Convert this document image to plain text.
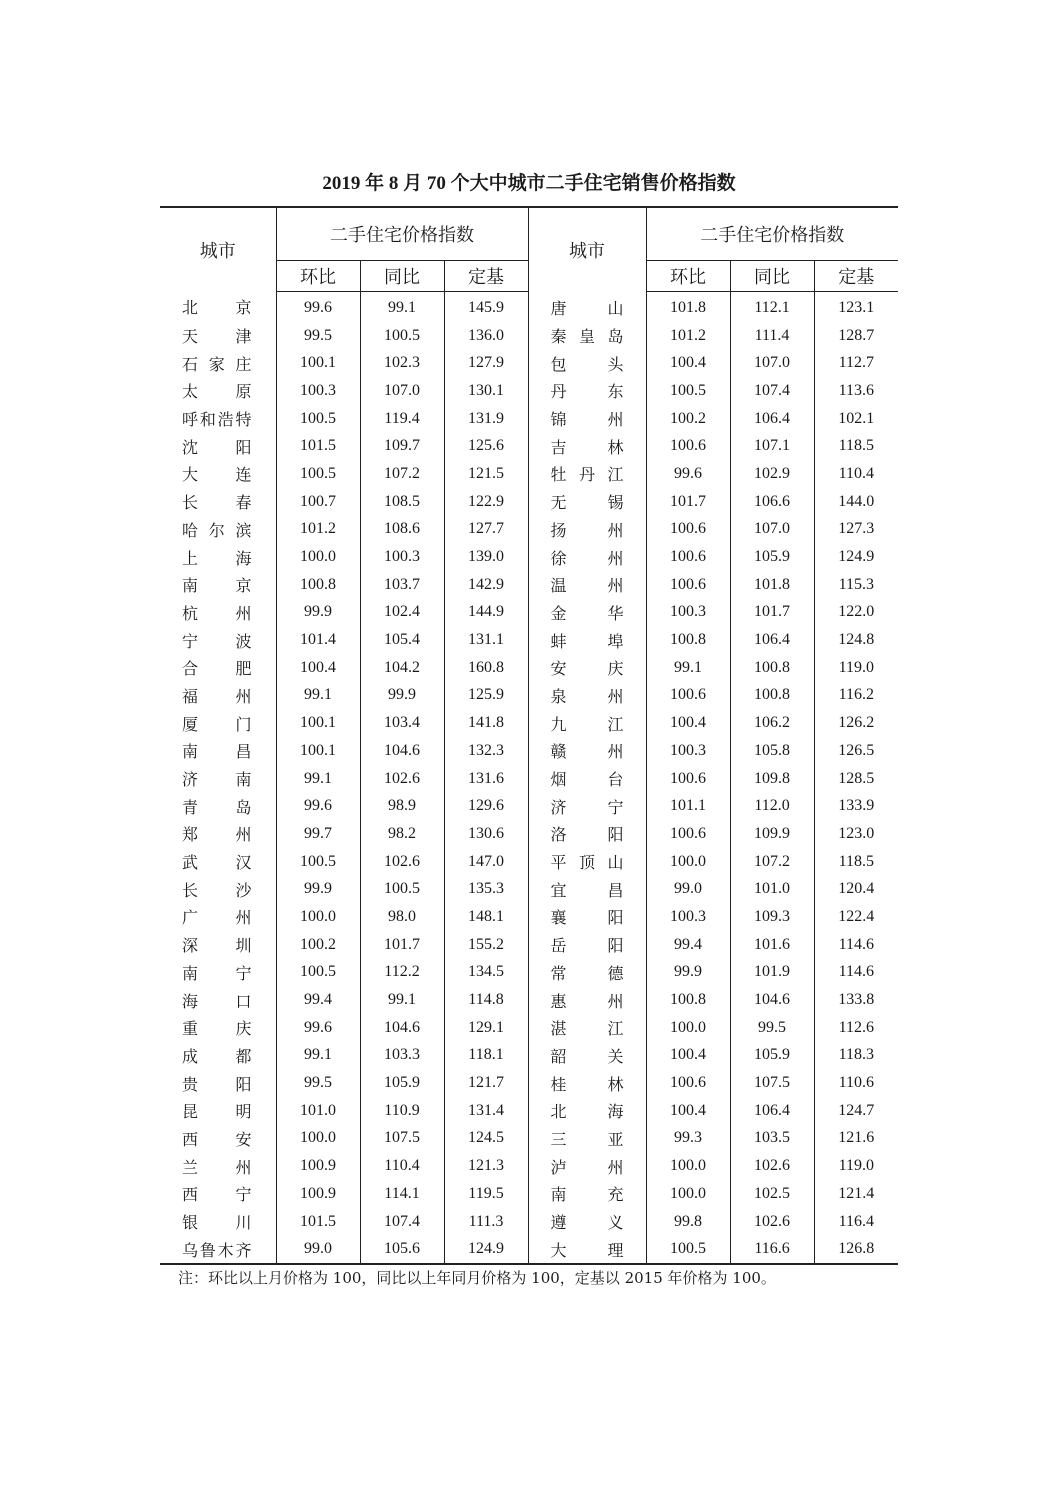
2019 年 8 月 70 个大中城市二手住宅销售价格指数
城市	二手住宅价格指数			城市	二手住宅价格指数		
	环比	同比	定基		环比	同比	定基
北京	99.6	99.1	145.9	唐山	101.8	112.1	123.1
天津	99.5	100.5	136.0	秦皇岛	101.2	111.4	128.7
石家庄	100.1	102.3	127.9	包头	100.4	107.0	112.7
太原	100.3	107.0	130.1	丹东	100.5	107.4	113.6
呼和浩特	100.5	119.4	131.9	锦州	100.2	106.4	102.1
沈阳	101.5	109.7	125.6	吉林	100.6	107.1	118.5
大连	100.5	107.2	121.5	牡丹江	99.6	102.9	110.4
长春	100.7	108.5	122.9	无锡	101.7	106.6	144.0
哈尔滨	101.2	108.6	127.7	扬州	100.6	107.0	127.3
上海	100.0	100.3	139.0	徐州	100.6	105.9	124.9
南京	100.8	103.7	142.9	温州	100.6	101.8	115.3
杭州	99.9	102.4	144.9	金华	100.3	101.7	122.0
宁波	101.4	105.4	131.1	蚌埠	100.8	106.4	124.8
合肥	100.4	104.2	160.8	安庆	99.1	100.8	119.0
福州	99.1	99.9	125.9	泉州	100.6	100.8	116.2
厦门	100.1	103.4	141.8	九江	100.4	106.2	126.2
南昌	100.1	104.6	132.3	赣州	100.3	105.8	126.5
济南	99.1	102.6	131.6	烟台	100.6	109.8	128.5
青岛	99.6	98.9	129.6	济宁	101.1	112.0	133.9
郑州	99.7	98.2	130.6	洛阳	100.6	109.9	123.0
武汉	100.5	102.6	147.0	平顶山	100.0	107.2	118.5
长沙	99.9	100.5	135.3	宜昌	99.0	101.0	120.4
广州	100.0	98.0	148.1	襄阳	100.3	109.3	122.4
深圳	100.2	101.7	155.2	岳阳	99.4	101.6	114.6
南宁	100.5	112.2	134.5	常德	99.9	101.9	114.6
海口	99.4	99.1	114.8	惠州	100.8	104.6	133.8
重庆	99.6	104.6	129.1	湛江	100.0	99.5	112.6
成都	99.1	103.3	118.1	韶关	100.4	105.9	118.3
贵阳	99.5	105.9	121.7	桂林	100.6	107.5	110.6
昆明	101.0	110.9	131.4	北海	100.4	106.4	124.7
西安	100.0	107.5	124.5	三亚	99.3	103.5	121.6
兰州	100.9	110.4	121.3	泸州	100.0	102.6	119.0
西宁	100.9	114.1	119.5	南充	100.0	102.5	121.4
银川	101.5	107.4	111.3	遵义	99.8	102.6	116.4
乌鲁木齐	99.0	105.6	124.9	大理	100.5	116.6	126.8
注：环比以上月价格为 100，同比以上年同月价格为 100，定基以 2015 年价格为 100。
